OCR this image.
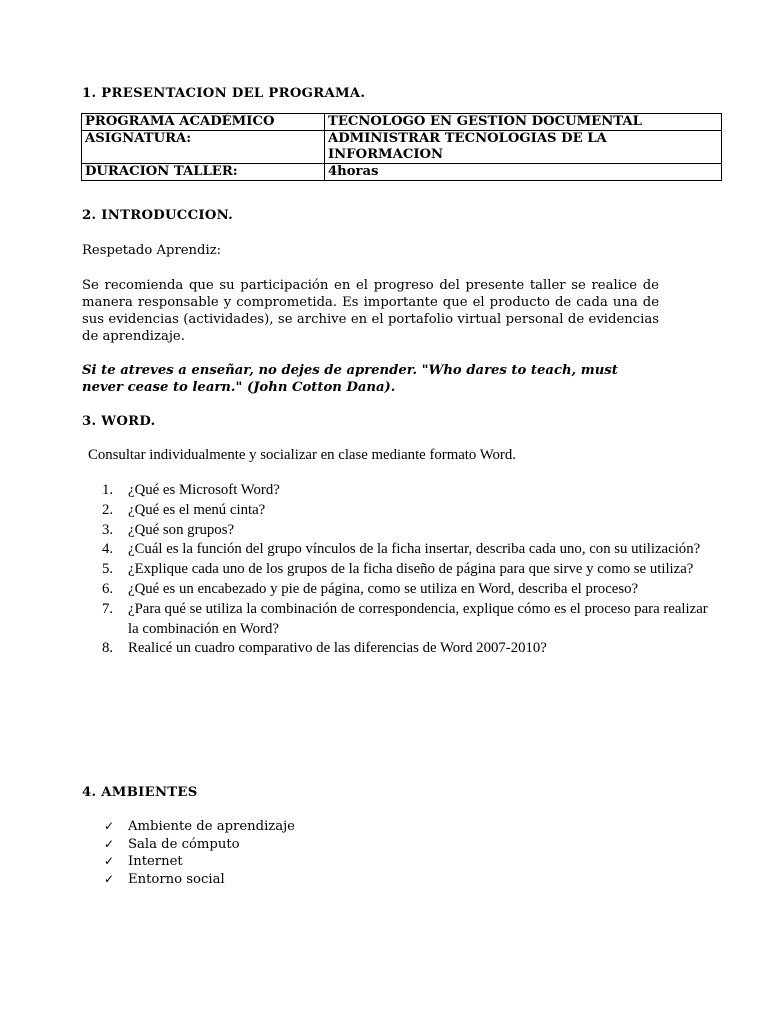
1. PRESENTACION DEL PROGRAMA.
PROGRAMA ACADÉMICO	TECNOLOGO EN GESTION DOCUMENTAL
ASIGNATURA:	ADMINISTRAR TECNOLOGIAS DE LA INFORMACION
DURACION TALLER:	4horas
2. INTRODUCCION.

Respetado Aprendiz:

Se recomienda que su participación en el progreso del presente taller se realice de manera responsable y comprometida. Es importante que el producto de cada una de sus evidencias (actividades), se archive en el portafolio virtual personal de evidencias de aprendizaje.

Si te atreves a enseñar, no dejes de aprender. "Who dares to teach, must never cease to learn." (John Cotton Dana).

3. WORD.

Consultar individualmente y socializar en clase mediante formato Word.

1. ¿Qué es Microsoft Word?
2. ¿Qué es el menú cinta?
3. ¿Qué son grupos?
4. ¿Cuál es la función del grupo vínculos de la ficha insertar, describa cada uno, con su utilización?
5. ¿Explique cada uno de los grupos de la ficha diseño de página para que sirve y como se utiliza?
6. ¿Qué es un encabezado y pie de página, como se utiliza en Word, describa el proceso?
7. ¿Para qué se utiliza la combinación de correspondencia, explique cómo es el proceso para realizar la combinación en Word?
8. Realicé un cuadro comparativo de las diferencias de Word 2007-2010?
4. AMBIENTES
✓ Ambiente de aprendizaje
✓ Sala de cómputo
✓ Internet
✓ Entorno social
